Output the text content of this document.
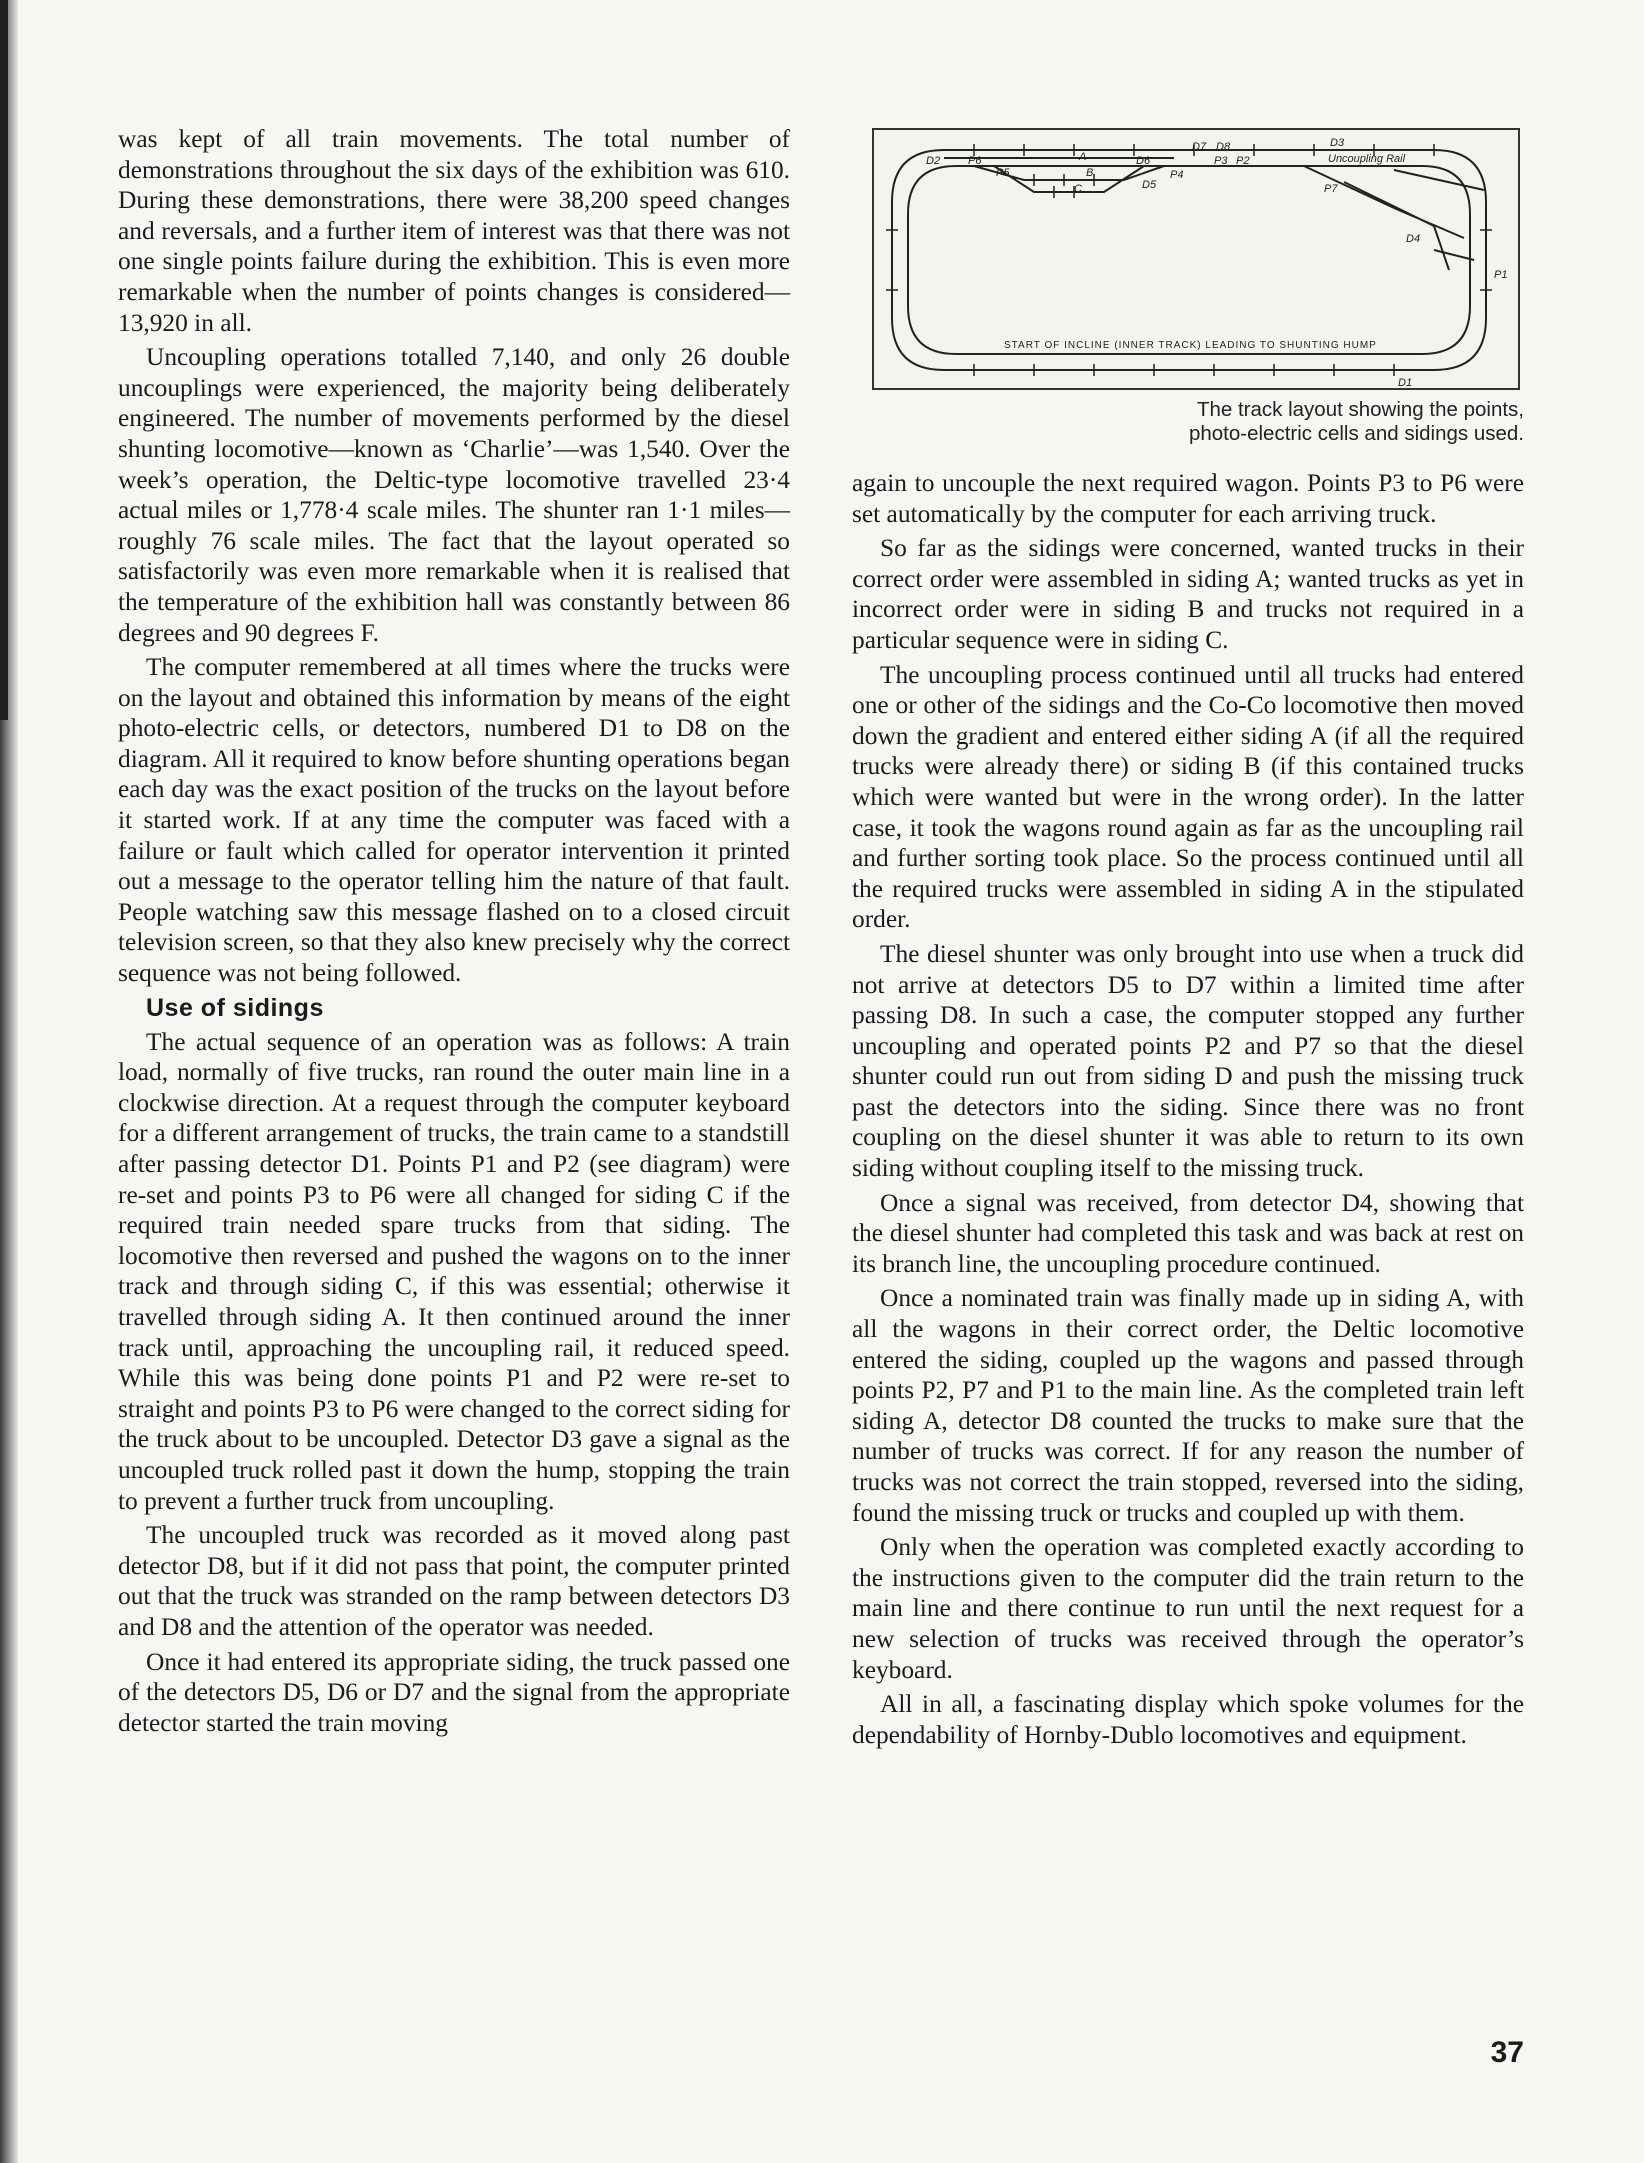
was kept of all train movements. The total number of demonstrations throughout the six days of the exhibition was 610. During these demonstrations, there were 38,200 speed changes and reversals, and a further item of interest was that there was not one single points failure during the exhibition. This is even more remarkable when the number of points changes is considered—13,920 in all.

Uncoupling operations totalled 7,140, and only 26 double uncouplings were experienced, the majority being deliberately engineered. The number of movements performed by the diesel shunting locomotive—known as ‘Charlie’—was 1,540. Over the week’s operation, the Deltic-type locomotive travelled 23·4 actual miles or 1,778·4 scale miles. The shunter ran 1·1 miles—roughly 76 scale miles. The fact that the layout operated so satisfactorily was even more remarkable when it is realised that the temperature of the exhibition hall was constantly between 86 degrees and 90 degrees F.

The computer remembered at all times where the trucks were on the layout and obtained this information by means of the eight photo-electric cells, or detectors, numbered D1 to D8 on the diagram. All it required to know before shunting operations began each day was the exact position of the trucks on the layout before it started work. If at any time the computer was faced with a failure or fault which called for operator intervention it printed out a message to the operator telling him the nature of that fault. People watching saw this message flashed on to a closed circuit television screen, so that they also knew precisely why the correct sequence was not being followed.

Use of sidings

The actual sequence of an operation was as follows: A train load, normally of five trucks, ran round the outer main line in a clockwise direction. At a request through the computer keyboard for a different arrangement of trucks, the train came to a standstill after passing detector D1. Points P1 and P2 (see diagram) were re-set and points P3 to P6 were all changed for siding C if the required train needed spare trucks from that siding. The locomotive then reversed and pushed the wagons on to the inner track and through siding C, if this was essential; otherwise it travelled through siding A. It then continued around the inner track until, approaching the uncoupling rail, it reduced speed. While this was being done points P1 and P2 were re-set to straight and points P3 to P6 were changed to the correct siding for the truck about to be uncoupled. Detector D3 gave a signal as the uncoupled truck rolled past it down the hump, stopping the train to prevent a further truck from uncoupling.

The uncoupled truck was recorded as it moved along past detector D8, but if it did not pass that point, the computer printed out that the truck was stranded on the ramp between detectors D3 and D8 and the attention of the operator was needed.

Once it had entered its appropriate siding, the truck passed one of the detectors D5, D6 or D7 and the signal from the appropriate detector started the train moving

D2	P6
P5
A
B
C
D6
D5
P4
D7 D8
P3 P2
D3
Uncoupling Rail
P7
D4
P1
START OF INCLINE (INNER TRACK) LEADING TO SHUNTING HUMP
D1
The track layout showing the points,
photo-electric cells and sidings used.

again to uncouple the next required wagon. Points P3 to P6 were set automatically by the computer for each arriving truck.

So far as the sidings were concerned, wanted trucks in their correct order were assembled in siding A; wanted trucks as yet in incorrect order were in siding B and trucks not required in a particular sequence were in siding C.

The uncoupling process continued until all trucks had entered one or other of the sidings and the Co-Co locomotive then moved down the gradient and entered either siding A (if all the required trucks were already there) or siding B (if this contained trucks which were wanted but were in the wrong order). In the latter case, it took the wagons round again as far as the uncoupling rail and further sorting took place. So the process continued until all the required trucks were assembled in siding A in the stipulated order.

The diesel shunter was only brought into use when a truck did not arrive at detectors D5 to D7 within a limited time after passing D8. In such a case, the computer stopped any further uncoupling and operated points P2 and P7 so that the diesel shunter could run out from siding D and push the missing truck past the detectors into the siding. Since there was no front coupling on the diesel shunter it was able to return to its own siding without coupling itself to the missing truck.

Once a signal was received, from detector D4, showing that the diesel shunter had completed this task and was back at rest on its branch line, the uncoupling procedure continued.

Once a nominated train was finally made up in siding A, with all the wagons in their correct order, the Deltic locomotive entered the siding, coupled up the wagons and passed through points P2, P7 and P1 to the main line. As the completed train left siding A, detector D8 counted the trucks to make sure that the number of trucks was correct. If for any reason the number of trucks was not correct the train stopped, reversed into the siding, found the missing truck or trucks and coupled up with them.

Only when the operation was completed exactly according to the instructions given to the computer did the train return to the main line and there continue to run until the next request for a new selection of trucks was received through the operator’s keyboard.

All in all, a fascinating display which spoke volumes for the dependability of Hornby-Dublo locomotives and equipment.

37
